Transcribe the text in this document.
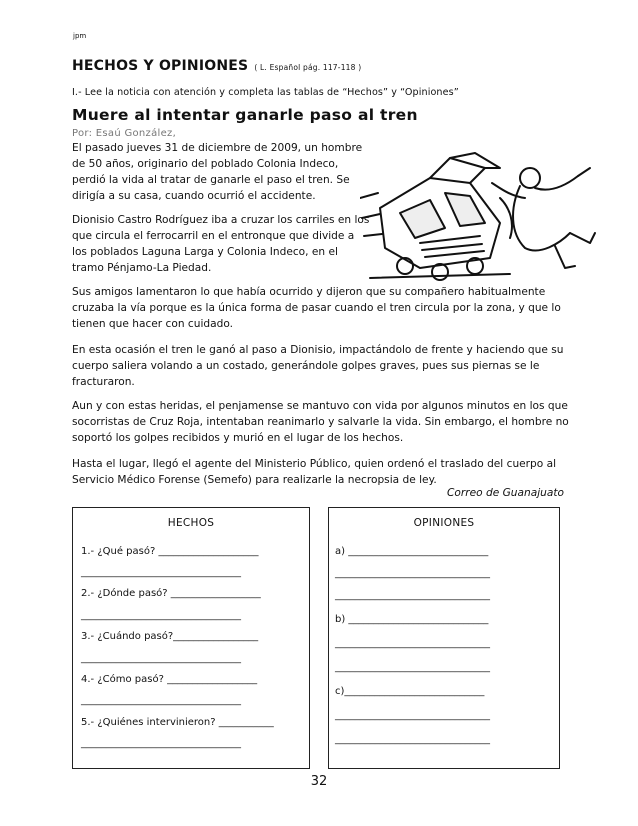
jpm
HECHOS Y OPINIONES ( L. Español pág. 117-118 )
I.- Lee la noticia con atención y completa las tablas de “Hechos” y “Opiniones”
Muere al intentar ganarle paso al tren
Por: Esaú González,
El pasado jueves 31 de diciembre de 2009, un hombre de 50 años, originario del poblado Colonia Indeco, perdió la vida al tratar de ganarle el paso el tren. Se dirigía a su casa, cuando ocurrió el accidente.
Dionisio Castro Rodríguez iba a cruzar los carriles en los que circula el ferrocarril en el entronque que divide a los poblados Laguna Larga y Colonia Indeco, en el tramo Pénjamo-La Piedad.
Sus amigos lamentaron lo que había ocurrido y dijeron que su compañero habitualmente cruzaba la vía porque es la única forma de pasar cuando el tren circula por la zona, y que lo tienen que hacer con cuidado.
En esta ocasión el tren le ganó al paso a Dionisio, impactándolo de frente y haciendo que su cuerpo saliera volando a un costado, generándole golpes graves, pues sus piernas se le fracturaron.
Aun y con estas heridas, el penjamense se mantuvo con vida por algunos minutos en los que socorristas de Cruz Roja, intentaban reanimarlo y salvarle la vida. Sin embargo, el hombre no soportó los golpes recibidos y murió en el lugar de los hechos.
Hasta el lugar, llegó el agente del Ministerio Público, quien ordenó el traslado del cuerpo al Servicio Médico Forense (Semefo) para realizarle la necropsia de ley.
Correo de Guanajuato
HECHOS
1.- ¿Qué pasó? ____________________
________________________________
2.- ¿Dónde pasó? __________________
________________________________
3.- ¿Cuándo pasó?_________________
________________________________
4.- ¿Cómo pasó? __________________
________________________________
5.- ¿Quiénes intervinieron? ___________
________________________________
OPINIONES
a) ____________________________
_______________________________
_______________________________
b) ____________________________
_______________________________
_______________________________
c)____________________________
_______________________________
_______________________________
32
